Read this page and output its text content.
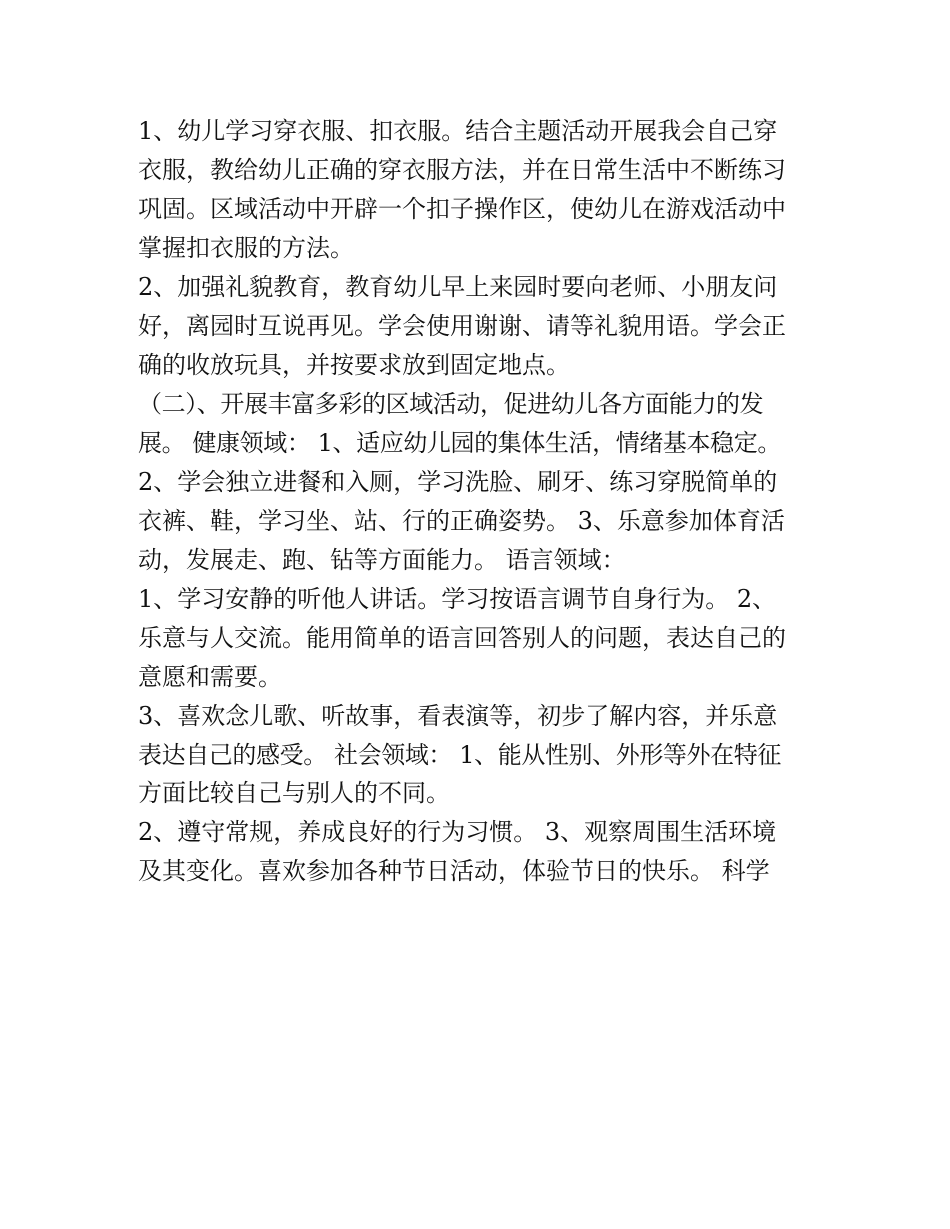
1、幼儿学习穿衣服、扣衣服。结合主题活动开展我会自己穿
衣服，教给幼儿正确的穿衣服方法，并在日常生活中不断练习
巩固。区域活动中开辟一个扣子操作区，使幼儿在游戏活动中
掌握扣衣服的方法。
2、加强礼貌教育，教育幼儿早上来园时要向老师、小朋友问
好，离园时互说再见。学会使用谢谢、请等礼貌用语。学会正
确的收放玩具，并按要求放到固定地点。
（二）、开展丰富多彩的区域活动，促进幼儿各方面能力的发
展。 健康领域： 1、适应幼儿园的集体生活，情绪基本稳定。
2、学会独立进餐和入厕，学习洗脸、刷牙、练习穿脱简单的
衣裤、鞋，学习坐、站、行的正确姿势。 3、乐意参加体育活
动，发展走、跑、钻等方面能力。 语言领域：
1、学习安静的听他人讲话。学习按语言调节自身行为。 2、
乐意与人交流。能用简单的语言回答别人的问题，表达自己的
意愿和需要。
3、喜欢念儿歌、听故事，看表演等，初步了解内容，并乐意
表达自己的感受。 社会领域： 1、能从性别、外形等外在特征
方面比较自己与别人的不同。
2、遵守常规，养成良好的行为习惯。 3、观察周围生活环境
及其变化。喜欢参加各种节日活动，体验节日的快乐。 科学
